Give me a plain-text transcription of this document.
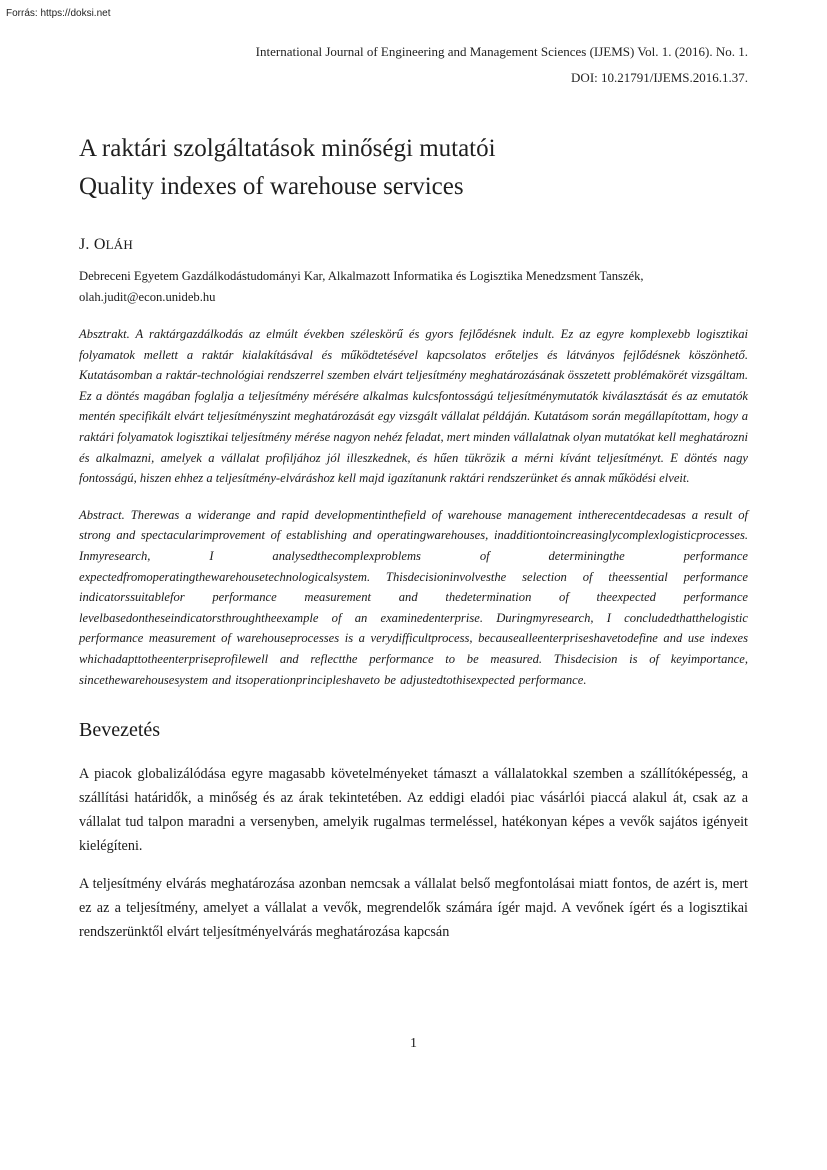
Forrás: https://doksi.net
International Journal of Engineering and Management Sciences (IJEMS) Vol. 1. (2016). No. 1.
DOI: 10.21791/IJEMS.2016.1.37.
A raktári szolgáltatások minőségi mutatói
Quality indexes of warehouse services
J. OLÁH
Debreceni Egyetem Gazdálkodástudományi Kar, Alkalmazott Informatika és Logisztika Menedzsment Tanszék,
olah.judit@econ.unideb.hu
Absztrakt. A raktárgazdálkodás az elmúlt években széleskörű és gyors fejlődésnek indult. Ez az egyre komplexebb logisztikai folyamatok mellett a raktár kialakításával és működtetésével kapcsolatos erőteljes és látványos fejlődésnek köszönhető. Kutatásomban a raktár-technológiai rendszerrel szemben elvárt teljesítmény meghatározásának összetett problémakörét vizsgáltam. Ez a döntés magában foglalja a teljesítmény mérésére alkalmas kulcsfontosságú teljesítménymutatók kiválasztását és az emutatók mentén specifikált elvárt teljesítményszint meghatározását egy vizsgált vállalat példáján. Kutatásom során megállapítottam, hogy a raktári folyamatok logisztikai teljesítmény mérése nagyon nehéz feladat, mert minden vállalatnak olyan mutatókat kell meghatározni és alkalmazni, amelyek a vállalat profiljához jól illeszkednek, és hűen tükrözik a mérni kívánt teljesítményt. E döntés nagy fontosságú, hiszen ehhez a teljesítmény-elváráshoz kell majd igazítanunk raktári rendszerünket és annak működési elveit.
Abstract. Therewas a widerange and rapid developmentinthefield of warehouse management intherecentdecadesas a result of strong and spectacularimprovement of establishing and operatingwarehouses, inadditiontoincreasinglycomplexlogisticprocesses. Inmyresearch, I analysedthecomplexproblems of determiningthe performance expectedfromoperatingthewarehousetechnologicalsystem. Thisdecisioninvolvesthe selection of theessential performance indicatorssuitablefor performance measurement and thedetermination of theexpected performance levelbasedontheseindicatorsthroughtheexample of an examinedenterprise. Duringmyresearch, I concludedthatthelogistic performance measurement of warehouseprocesses is a verydifficultprocess, becausealleenterpriseshavetodefine and use indexes whichadapttotheenterpriseprofilewell and reflectthe performance to be measured. Thisdecision is of keyimportance, sincethewarehousesystem and itsoperationprincipleshaveto be adjustedtothisexpected performance.
Bevezetés

A piacok globalizálódása egyre magasabb követelményeket támaszt a vállalatokkal szemben a szállítóképesség, a szállítási határidők, a minőség és az árak tekintetében. Az eddigi eladói piac vásárlói piaccá alakul át, csak az a vállalat tud talpon maradni a versenyben, amelyik rugalmas termeléssel, hatékonyan képes a vevők sajátos igényeit kielégíteni.

A teljesítmény elvárás meghatározása azonban nemcsak a vállalat belső megfontolásai miatt fontos, de azért is, mert ez az a teljesítmény, amelyet a vállalat a vevők, megrendelők számára ígér majd. A vevőnek ígért és a logisztikai rendszerünktől elvárt teljesítményelvárás meghatározása kapcsán

1
